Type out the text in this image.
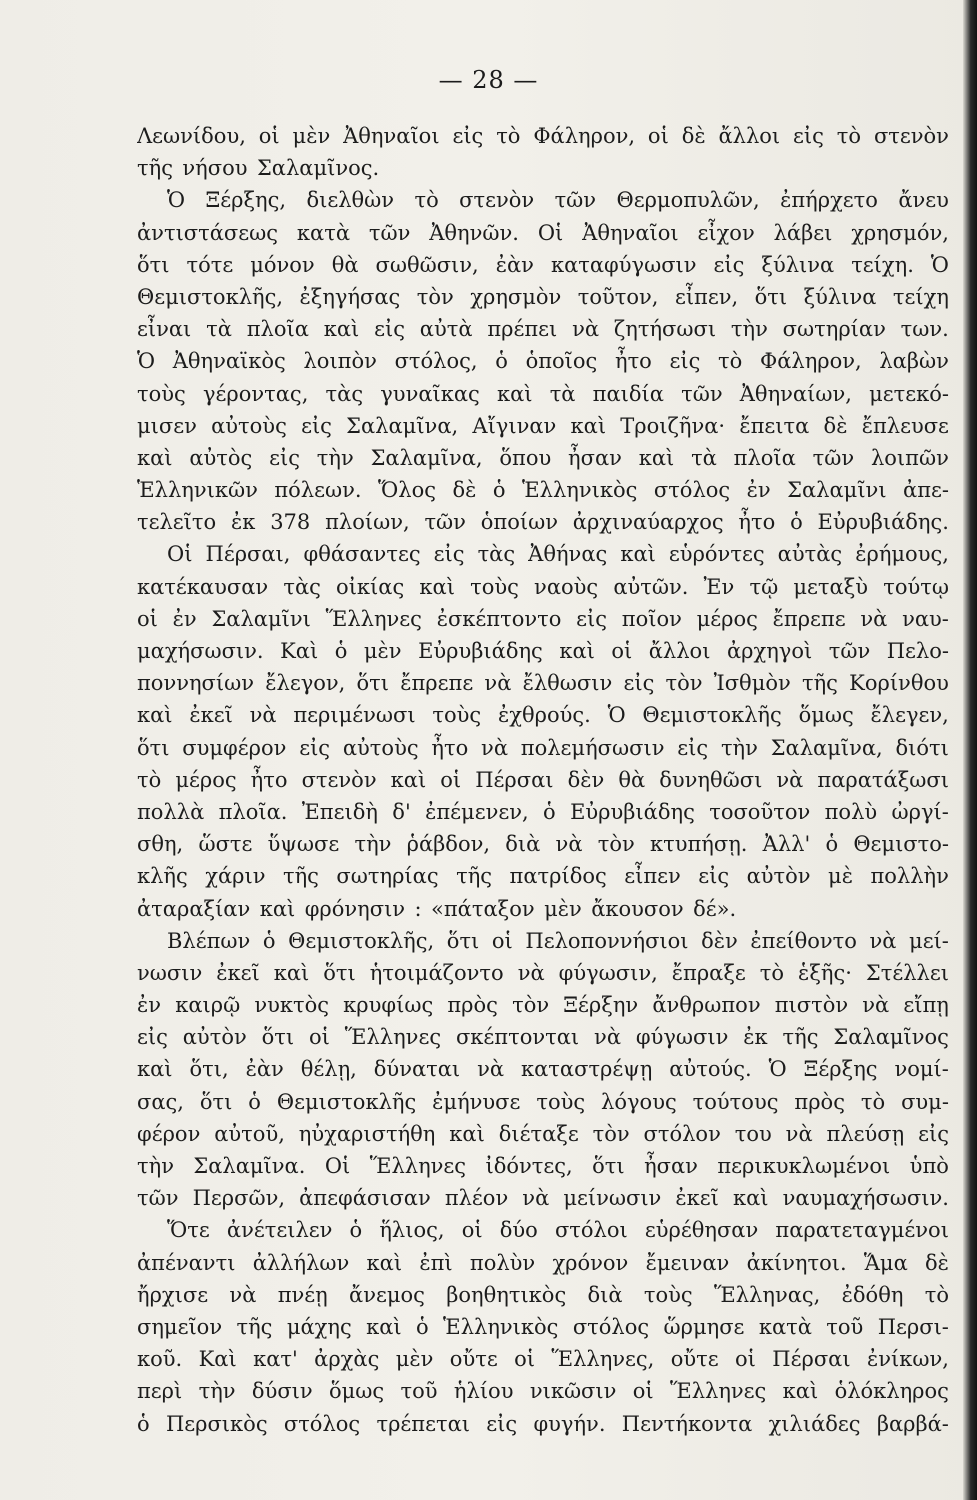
— 28 —
Λεωνίδου, οἱ μὲν Ἀθηναῖοι εἰς τὸ Φάληρον, οἱ δὲ ἄλλοι εἰς τὸ στενὸν
τῆς νήσου Σαλαμῖνος.
Ὁ Ξέρξης, διελθὼν τὸ στενὸν τῶν Θερμοπυλῶν, ἐπήρχετο ἄνευ
ἀντιστάσεως κατὰ τῶν Ἀθηνῶν. Οἱ Ἀθηναῖοι εἶχον λάβει χρησμόν,
ὅτι τότε μόνον θὰ σωθῶσιν, ἐὰν καταφύγωσιν εἰς ξύλινα τείχη. Ὁ
Θεμιστοκλῆς, ἐξηγήσας τὸν χρησμὸν τοῦτον, εἶπεν, ὅτι ξύλινα τείχη
εἶναι τὰ πλοῖα καὶ εἰς αὐτὰ πρέπει νὰ ζητήσωσι τὴν σωτηρίαν των.
Ὁ Ἀθηναϊκὸς λοιπὸν στόλος, ὁ ὁποῖος ἦτο εἰς τὸ Φάληρον, λαβὼν
τοὺς γέροντας, τὰς γυναῖκας καὶ τὰ παιδία τῶν Ἀθηναίων, μετεκό-
μισεν αὐτοὺς εἰς Σαλαμῖνα, Αἴγιναν καὶ Τροιζῆνα· ἔπειτα δὲ ἔπλευσε
καὶ αὐτὸς εἰς τὴν Σαλαμῖνα, ὅπου ἦσαν καὶ τὰ πλοῖα τῶν λοιπῶν
Ἑλληνικῶν πόλεων. Ὅλος δὲ ὁ Ἑλληνικὸς στόλος ἐν Σαλαμῖνι ἀπε-
τελεῖτο ἐκ 378 πλοίων, τῶν ὁποίων ἀρχιναύαρχος ἦτο ὁ Εὐρυβιάδης.
Οἱ Πέρσαι, φθάσαντες εἰς τὰς Ἀθήνας καὶ εὑρόντες αὐτὰς ἐρήμους,
κατέκαυσαν τὰς οἰκίας καὶ τοὺς ναοὺς αὐτῶν. Ἐν τῷ μεταξὺ τούτῳ
οἱ ἐν Σαλαμῖνι Ἕλληνες ἐσκέπτοντο εἰς ποῖον μέρος ἔπρεπε νὰ ναυ-
μαχήσωσιν. Καὶ ὁ μὲν Εὐρυβιάδης καὶ οἱ ἄλλοι ἀρχηγοὶ τῶν Πελο-
ποννησίων ἔλεγον, ὅτι ἔπρεπε νὰ ἔλθωσιν εἰς τὸν Ἰσθμὸν τῆς Κορίνθου
καὶ ἐκεῖ νὰ περιμένωσι τοὺς ἐχθρούς. Ὁ Θεμιστοκλῆς ὅμως ἔλεγεν,
ὅτι συμφέρον εἰς αὐτοὺς ἦτο νὰ πολεμήσωσιν εἰς τὴν Σαλαμῖνα, διότι
τὸ μέρος ἦτο στενὸν καὶ οἱ Πέρσαι δὲν θὰ δυνηθῶσι νὰ παρατάξωσι
πολλὰ πλοῖα. Ἐπειδὴ δ' ἐπέμενεν, ὁ Εὐρυβιάδης τοσοῦτον πολὺ ὠργί-
σθη, ὥστε ὕψωσε τὴν ῥάβδον, διὰ νὰ τὸν κτυπήσῃ. Ἀλλ' ὁ Θεμιστο-
κλῆς χάριν τῆς σωτηρίας τῆς πατρίδος εἶπεν εἰς αὐτὸν μὲ πολλὴν
ἀταραξίαν καὶ φρόνησιν : «πάταξον μὲν ἄκουσον δέ».
Βλέπων ὁ Θεμιστοκλῆς, ὅτι οἱ Πελοποννήσιοι δὲν ἐπείθοντο νὰ μεί-
νωσιν ἐκεῖ καὶ ὅτι ἡτοιμάζοντο νὰ φύγωσιν, ἔπραξε τὸ ἑξῆς· Στέλλει
ἐν καιρῷ νυκτὸς κρυφίως πρὸς τὸν Ξέρξην ἄνθρωπον πιστὸν νὰ εἴπῃ
εἰς αὐτὸν ὅτι οἱ Ἕλληνες σκέπτονται νὰ φύγωσιν ἐκ τῆς Σαλαμῖνος
καὶ ὅτι, ἐὰν θέλῃ, δύναται νὰ καταστρέψῃ αὐτούς. Ὁ Ξέρξης νομί-
σας, ὅτι ὁ Θεμιστοκλῆς ἐμήνυσε τοὺς λόγους τούτους πρὸς τὸ συμ-
φέρον αὐτοῦ, ηὐχαριστήθη καὶ διέταξε τὸν στόλον του νὰ πλεύσῃ εἰς
τὴν Σαλαμῖνα. Οἱ Ἕλληνες ἰδόντες, ὅτι ἦσαν περικυκλωμένοι ὑπὸ
τῶν Περσῶν, ἀπεφάσισαν πλέον νὰ μείνωσιν ἐκεῖ καὶ ναυμαχήσωσιν.
Ὅτε ἀνέτειλεν ὁ ἥλιος, οἱ δύο στόλοι εὑρέθησαν παρατεταγμένοι
ἀπέναντι ἀλλήλων καὶ ἐπὶ πολὺν χρόνον ἔμειναν ἀκίνητοι. Ἅμα δὲ
ἤρχισε νὰ πνέῃ ἄνεμος βοηθητικὸς διὰ τοὺς Ἕλληνας, ἐδόθη τὸ
σημεῖον τῆς μάχης καὶ ὁ Ἑλληνικὸς στόλος ὥρμησε κατὰ τοῦ Περσι-
κοῦ. Καὶ κατ' ἀρχὰς μὲν οὔτε οἱ Ἕλληνες, οὔτε οἱ Πέρσαι ἐνίκων,
περὶ τὴν δύσιν ὅμως τοῦ ἡλίου νικῶσιν οἱ Ἕλληνες καὶ ὁλόκληρος
ὁ Περσικὸς στόλος τρέπεται εἰς φυγήν. Πεντήκοντα χιλιάδες βαρβά-
